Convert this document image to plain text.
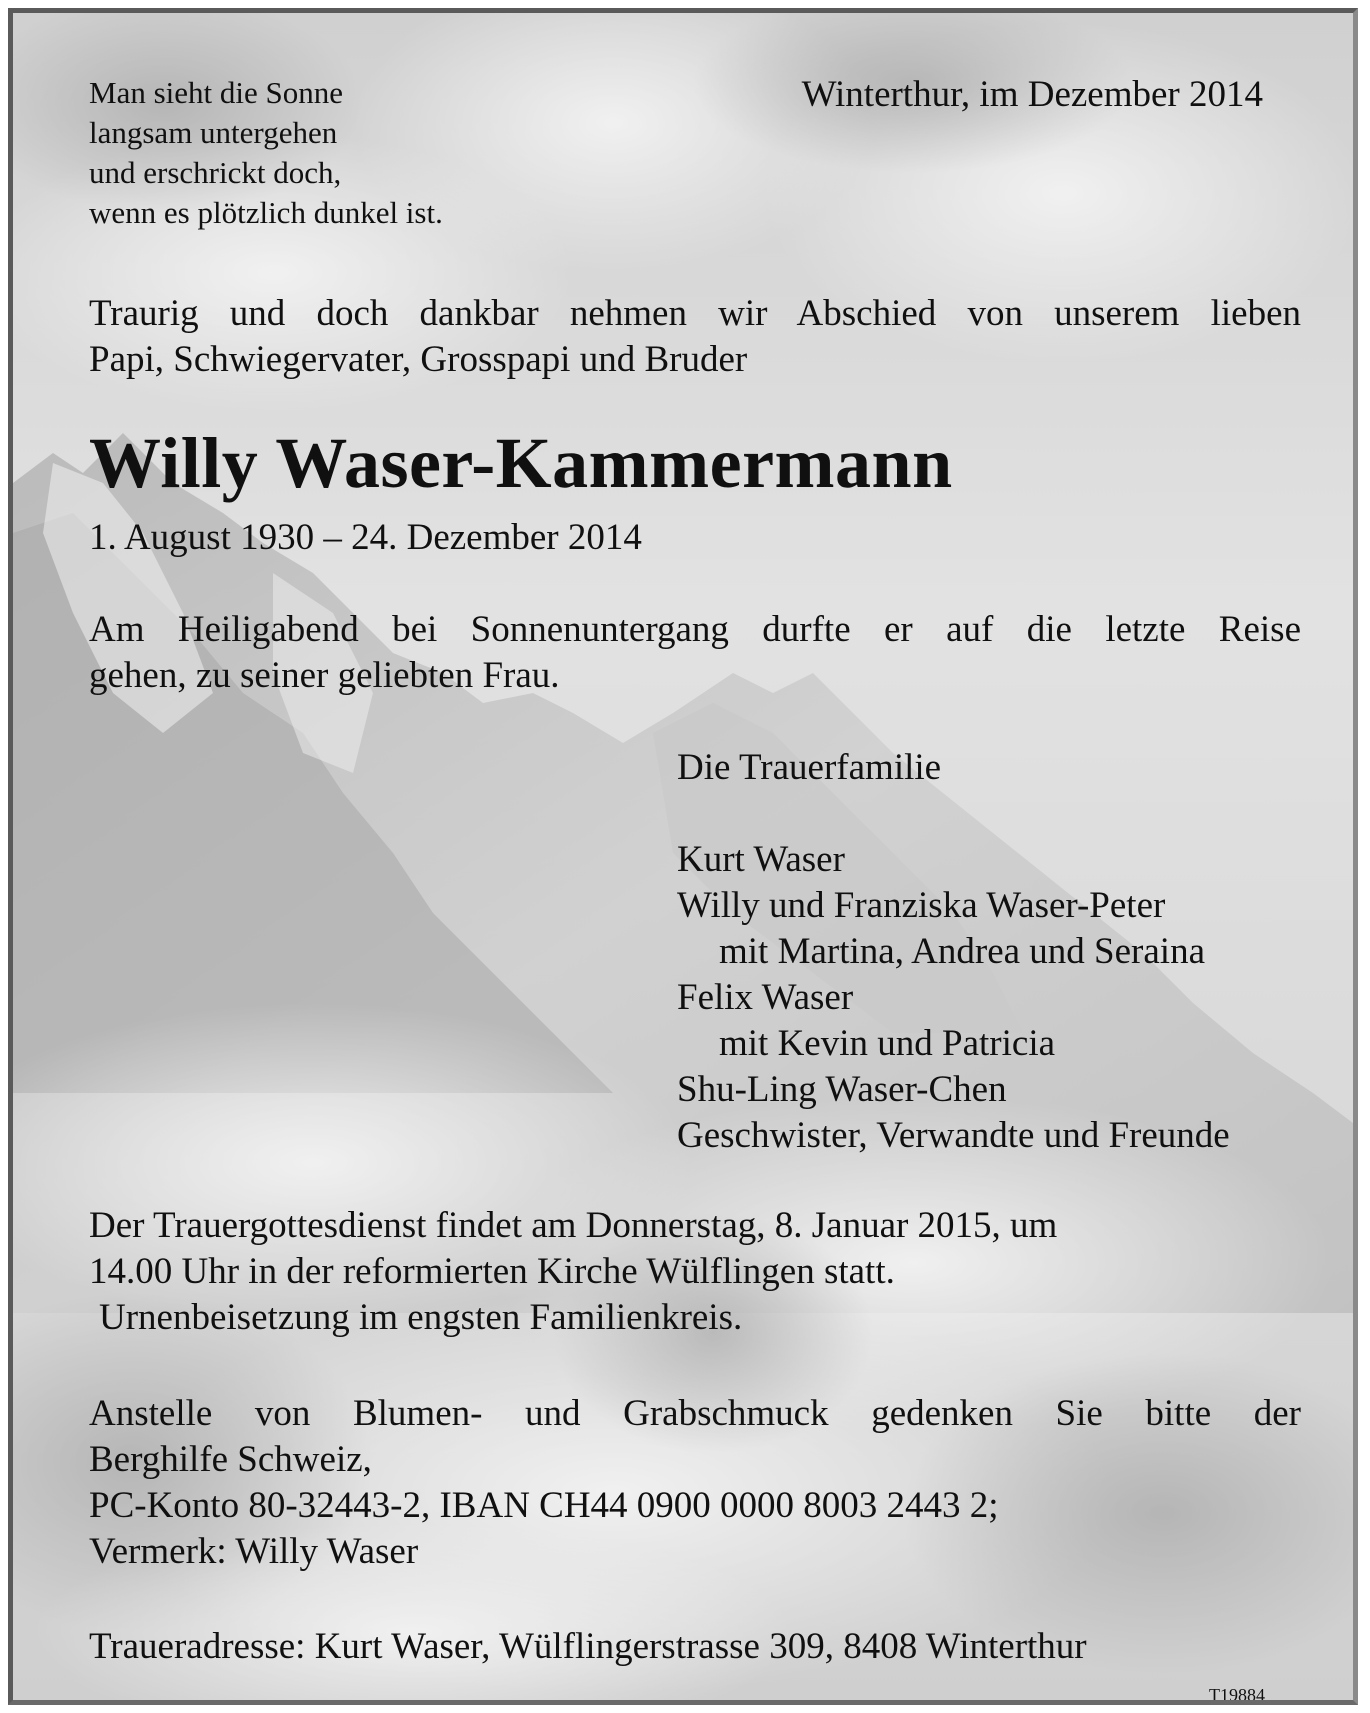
Man sieht die Sonne
langsam untergehen
und erschrickt doch,
wenn es plötzlich dunkel ist.

Winterthur, im Dezember 2014

Traurig und doch dankbar nehmen wir Abschied von unserem lieben
Papi, Schwiegervater, Grosspapi und Bruder

Willy Waser-Kammermann

1. August 1930 – 24. Dezember 2014

Am Heiligabend bei Sonnenuntergang durfte er auf die letzte Reise
gehen, zu seiner geliebten Frau.

Die Trauerfamilie
Kurt Waser
Willy und Franziska Waser-Peter
mit Martina, Andrea und Seraina
Felix Waser
mit Kevin und Patricia
Shu-Ling Waser-Chen
Geschwister, Verwandte und Freunde

Der Trauergottesdienst findet am Donnerstag, 8. Januar 2015, um
14.00 Uhr in der reformierten Kirche Wülflingen statt.
Urnenbeisetzung im engsten Familienkreis.

Anstelle von Blumen- und Grabschmuck gedenken Sie bitte der
Berghilfe Schweiz,
PC-Konto 80-32443-2, IBAN CH44 0900 0000 8003 2443 2;
Vermerk: Willy Waser

Traueradresse: Kurt Waser, Wülflingerstrasse 309, 8408 Winterthur

T19884
